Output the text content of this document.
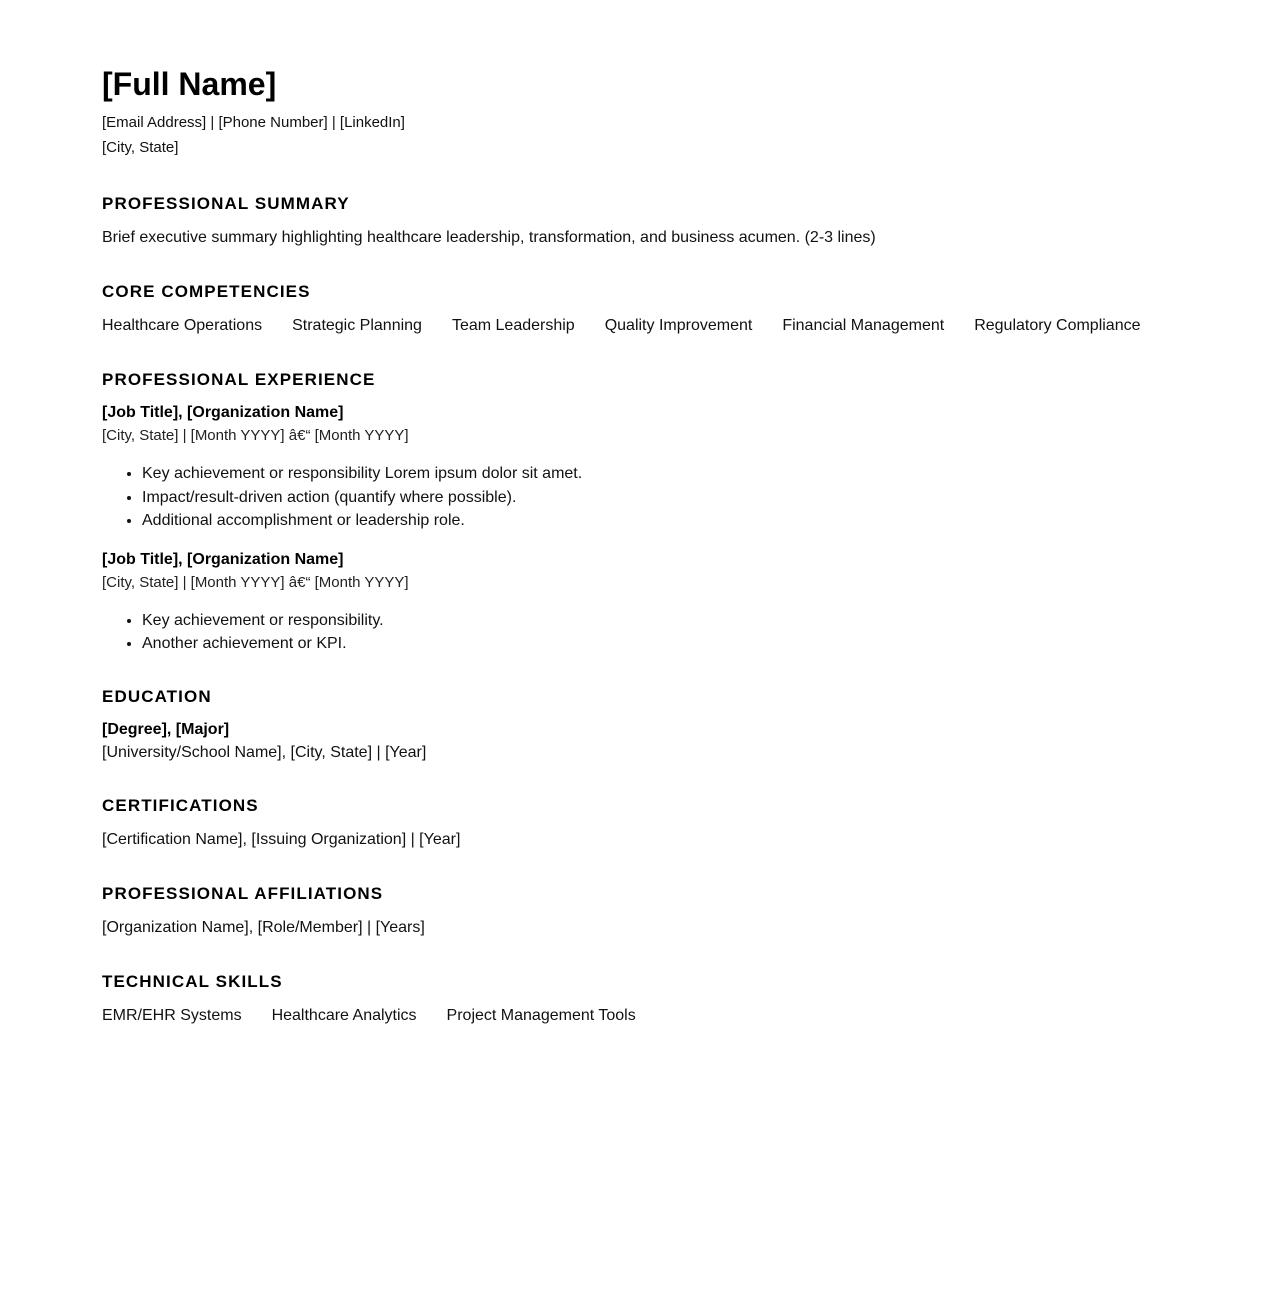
[Full Name]
[Email Address] | [Phone Number] | [LinkedIn]
[City, State]
PROFESSIONAL SUMMARY
Brief executive summary highlighting healthcare leadership, transformation, and business acumen. (2-3 lines)
CORE COMPETENCIES
Healthcare Operations Strategic Planning Team Leadership Quality Improvement Financial Management Regulatory Compliance
PROFESSIONAL EXPERIENCE
[Job Title], [Organization Name]
[City, State] | [Month YYYY] â€“ [Month YYYY]
• Key achievement or responsibility Lorem ipsum dolor sit amet.
• Impact/result-driven action (quantify where possible).
• Additional accomplishment or leadership role.
[Job Title], [Organization Name]
[City, State] | [Month YYYY] â€“ [Month YYYY]
• Key achievement or responsibility.
• Another achievement or KPI.
EDUCATION
[Degree], [Major]
[University/School Name], [City, State] | [Year]
CERTIFICATIONS
[Certification Name], [Issuing Organization] | [Year]
PROFESSIONAL AFFILIATIONS
[Organization Name], [Role/Member] | [Years]
TECHNICAL SKILLS
EMR/EHR Systems Healthcare Analytics Project Management Tools
